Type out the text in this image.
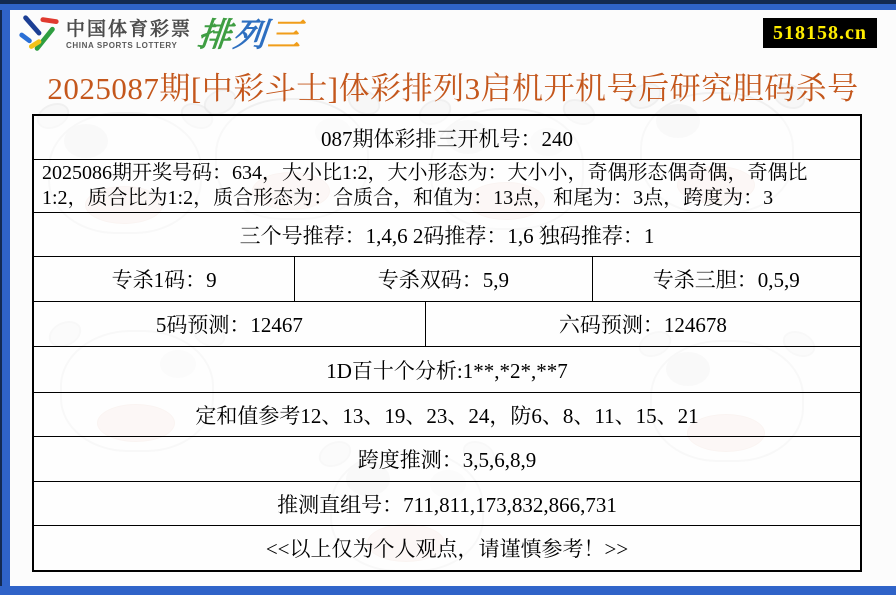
中国体育彩票
CHINA SPORTS LOTTERY 排列三	518158.cn
2025087期[中彩斗士]体彩排列3启机开机号后研究胆码杀号
087期体彩排三开机号：240
2025086期开奖号码：634，大小比1:2，大小形态为：大小小，奇偶形态偶奇偶，奇偶比1:2，质合比为1:2，质合形态为：合质合，和值为：13点，和尾为：3点，跨度为：3
三个号推荐：1,4,6 2码推荐：1,6 独码推荐：1
专杀1码：9	专杀双码：5,9	专杀三胆：0,5,9
5码预测：12467	六码预测：124678
1D百十个分析:1**,*2*,**7
定和值参考12、13、19、23、24，防6、8、11、15、21
跨度推测：3,5,6,8,9
推测直组号：711,811,173,832,866,731
<<以上仅为个人观点，请谨慎参考！>>
